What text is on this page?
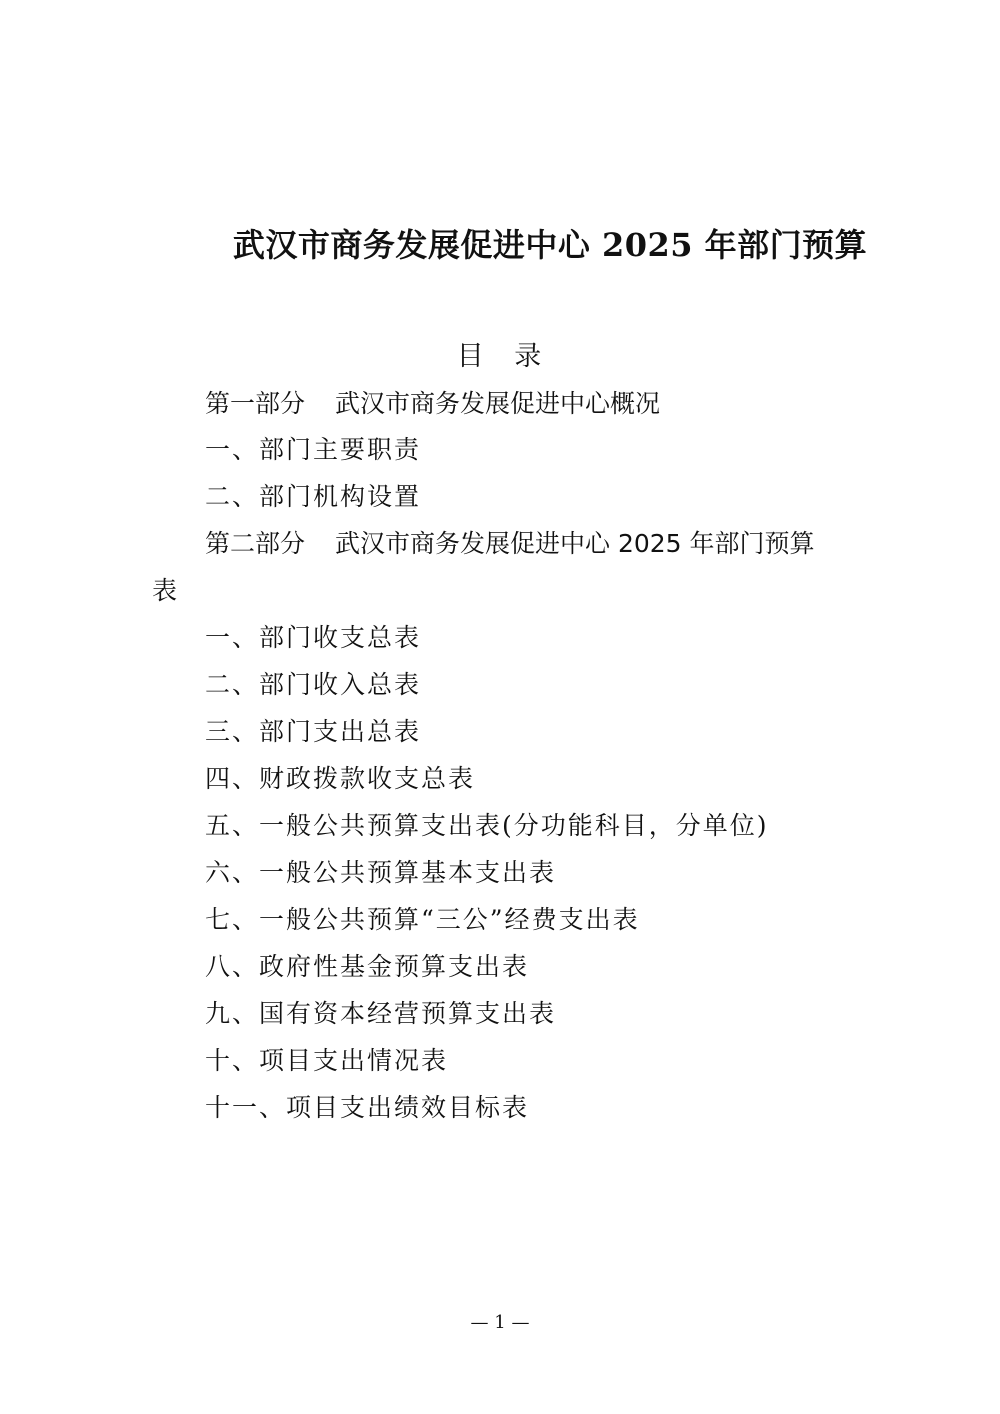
武汉市商务发展促进中心 2025 年部门预算
目 录
第一部分 武汉市商务发展促进中心概况
一、部门主要职责
二、部门机构设置
第二部分 武汉市商务发展促进中心 2025 年部门预算
表
一、部门收支总表
二、部门收入总表
三、部门支出总表
四、财政拨款收支总表
五、一般公共预算支出表(分功能科目，分单位)
六、一般公共预算基本支出表
七、一般公共预算“三公”经费支出表
八、政府性基金预算支出表
九、国有资本经营预算支出表
十、项目支出情况表
十一、项目支出绩效目标表
— 1 —
